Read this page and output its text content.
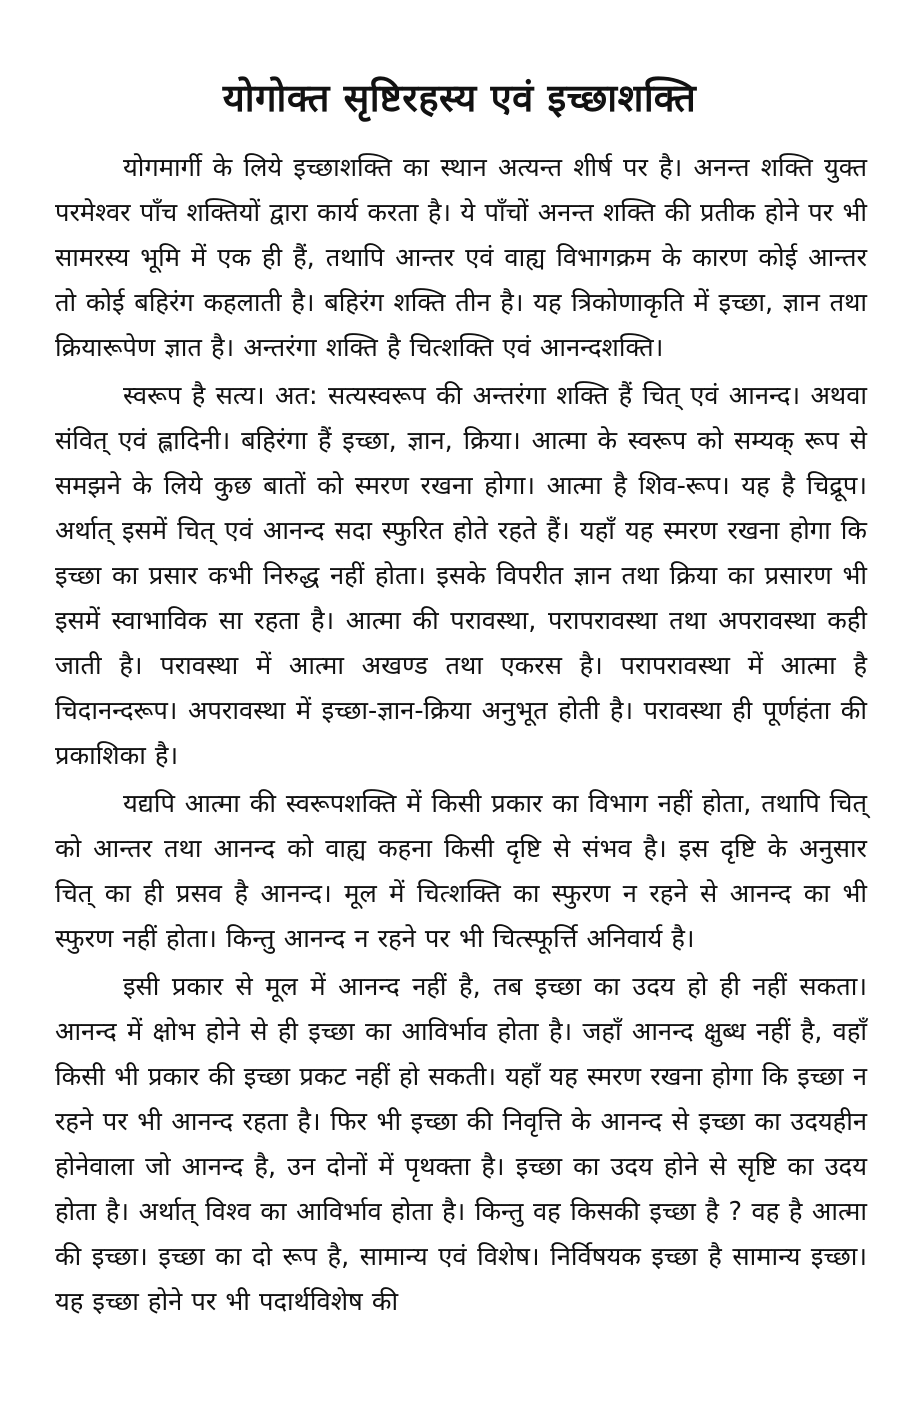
योगोक्त सृष्टिरहस्य एवं इच्छाशक्ति

योगमार्गी के लिये इच्छाशक्ति का स्थान अत्यन्त शीर्ष पर है। अनन्त शक्ति युक्त परमेश्वर पाँच शक्तियों द्वारा कार्य करता है। ये पाँचों अनन्त शक्ति की प्रतीक होने पर भी सामरस्य भूमि में एक ही हैं, तथापि आन्तर एवं वाह्य विभागक्रम के कारण कोई आन्तर तो कोई बहिरंग कहलाती है। बहिरंग शक्ति तीन है। यह त्रिकोणाकृति में इच्छा, ज्ञान तथा क्रियारूपेण ज्ञात है। अन्तरंगा शक्ति है चित्शक्ति एवं आनन्दशक्ति।

स्वरूप है सत्य। अत: सत्यस्वरूप की अन्तरंगा शक्ति हैं चित् एवं आनन्द। अथवा संवित् एवं ह्लादिनी। बहिरंगा हैं इच्छा, ज्ञान, क्रिया। आत्मा के स्वरूप को सम्यक् रूप से समझने के लिये कुछ बातों को स्मरण रखना होगा। आत्मा है शिव-रूप। यह है चिद्रूप। अर्थात् इसमें चित् एवं आनन्द सदा स्फुरित होते रहते हैं। यहाँ यह स्मरण रखना होगा कि इच्छा का प्रसार कभी निरुद्ध नहीं होता। इसके विपरीत ज्ञान तथा क्रिया का प्रसारण भी इसमें स्वाभाविक सा रहता है। आत्मा की परावस्था, परापरावस्था तथा अपरावस्था कही जाती है। परावस्था में आत्मा अखण्ड तथा एकरस है। परापरावस्था में आत्मा है चिदानन्दरूप। अपरावस्था में इच्छा-ज्ञान-क्रिया अनुभूत होती है। परावस्था ही पूर्णहंता की प्रकाशिका है।

यद्यपि आत्मा की स्वरूपशक्ति में किसी प्रकार का विभाग नहीं होता, तथापि चित् को आन्तर तथा आनन्द को वाह्य कहना किसी दृष्टि से संभव है। इस दृष्टि के अनुसार चित् का ही प्रसव है आनन्द। मूल में चित्शक्ति का स्फुरण न रहने से आनन्द का भी स्फुरण नहीं होता। किन्तु आनन्द न रहने पर भी चित्स्फूर्त्ति अनिवार्य है।

इसी प्रकार से मूल में आनन्द नहीं है, तब इच्छा का उदय हो ही नहीं सकता। आनन्द में क्षोभ होने से ही इच्छा का आविर्भाव होता है। जहाँ आनन्द क्षुब्ध नहीं है, वहाँ किसी भी प्रकार की इच्छा प्रकट नहीं हो सकती। यहाँ यह स्मरण रखना होगा कि इच्छा न रहने पर भी आनन्द रहता है। फिर भी इच्छा की निवृत्ति के आनन्द से इच्छा का उदयहीन होनेवाला जो आनन्द है, उन दोनों में पृथक्ता है। इच्छा का उदय होने से सृष्टि का उदय होता है। अर्थात् विश्व का आविर्भाव होता है। किन्तु वह किसकी इच्छा है ? वह है आत्मा की इच्छा। इच्छा का दो रूप है, सामान्य एवं विशेष। निर्विषयक इच्छा है सामान्य इच्छा। यह इच्छा होने पर भी पदार्थविशेष की
